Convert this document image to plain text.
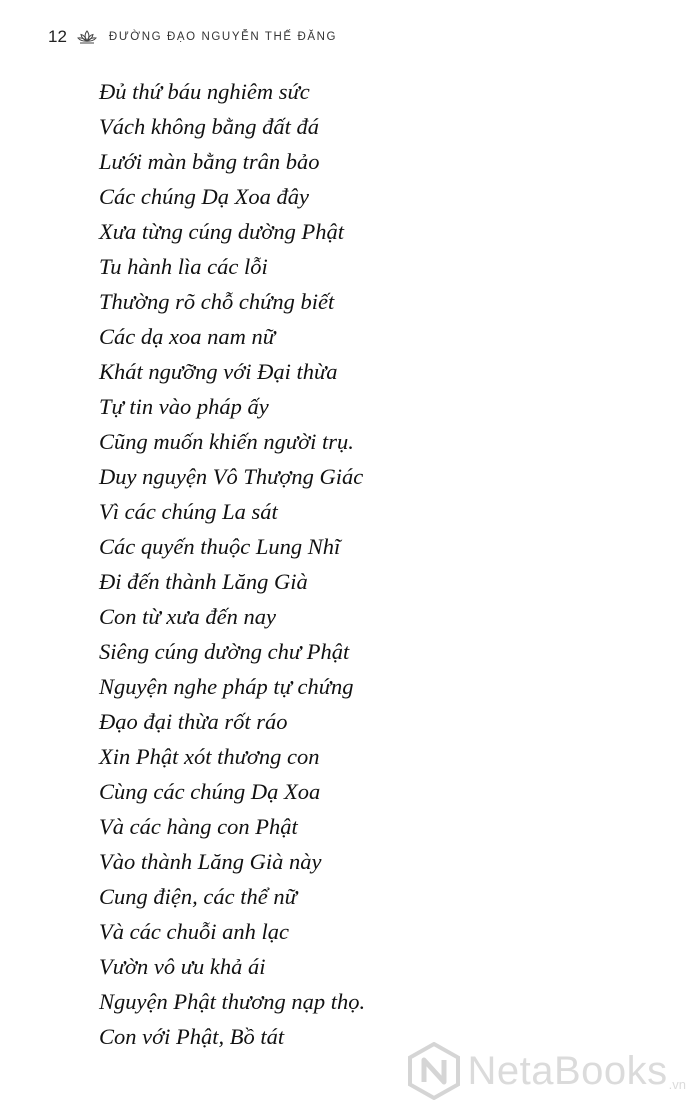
12	ĐƯỜNG ĐẠO NGUYỄN THẾ ĐĂNG
Đủ thứ báu nghiêm sức
Vách không bằng đất đá
Lưới màn bằng trân bảo
Các chúng Dạ Xoa đây
Xưa từng cúng dường Phật
Tu hành lìa các lỗi
Thường rõ chỗ chứng biết
Các dạ xoa nam nữ
Khát ngưỡng với Đại thừa
Tự tin vào pháp ấy
Cũng muốn khiến người trụ.
Duy nguyện Vô Thượng Giác
Vì các chúng La sát
Các quyến thuộc Lung Nhĩ
Đi đến thành Lăng Già
Con từ xưa đến nay
Siêng cúng dường chư Phật
Nguyện nghe pháp tự chứng
Đạo đại thừa rốt ráo
Xin Phật xót thương con
Cùng các chúng Dạ Xoa
Và các hàng con Phật
Vào thành Lăng Già này
Cung điện, các thể nữ
Và các chuỗi anh lạc
Vườn vô ưu khả ái
Nguyện Phật thương nạp thọ.
Con với Phật, Bồ tát
NetaBooks .vn
